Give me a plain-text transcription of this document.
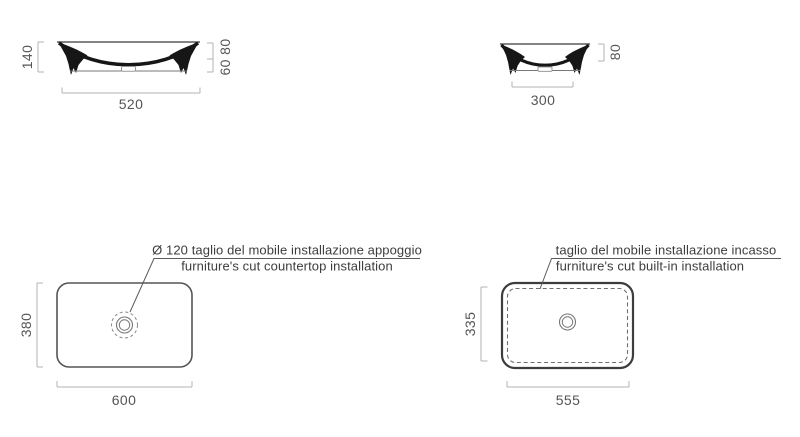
140	60 80
520
80
300
380
600
Ø 120 taglio del mobile installazione appoggio
furniture's cut countertop installation
335
555
taglio del mobile installazione incasso
furniture's cut built-in installation
